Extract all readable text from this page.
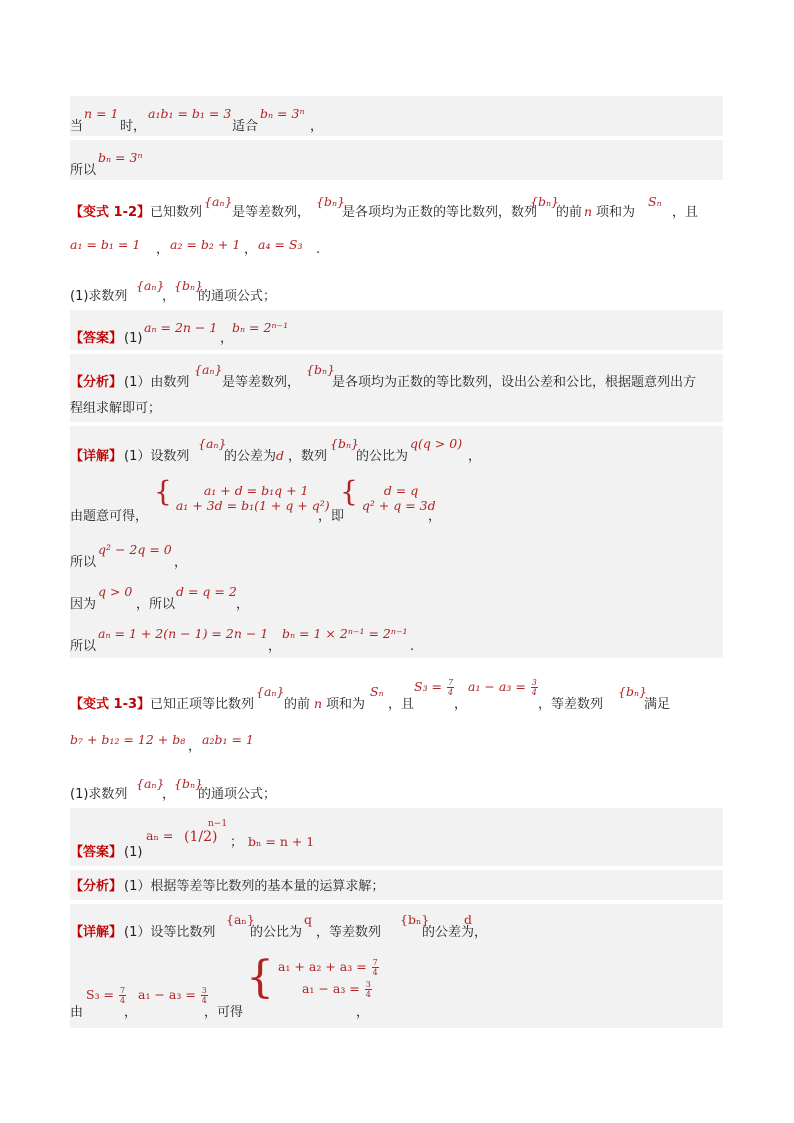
当
n = 1
时，
a₁b₁ = b₁ = 3
适合
bₙ = 3ⁿ
，
所以
bₙ = 3ⁿ
【变式 1-2】 已知数列
{aₙ}
是等差数列，
{bₙ}
是各项均为正数的等比数列，数列
{bₙ}
的前 n 项和为
Sₙ
，且
a₁ = b₁ = 1 ， a₂ = b₂ + 1 ， a₄ = S₃ .
(1)求数列
{aₙ}
，
{bₙ}
的通项公式；
【答案】 (1)
aₙ = 2n − 1
，
bₙ = 2ⁿ⁻¹
【分析】 (1）由数列
{aₙ}
是等差数列，
{bₙ}
是各项均为正数的等比数列，设出公差和公比，根据题意列出方
程组求解即可；
【详解】 (1）设数列
{aₙ}
的公差为 d ，数列
{bₙ}
的公比为
q(q > 0)
，
由题意可得，
{	a₁ + d = b₁q + 1
a₁ + 3d = b₁(1 + q + q²)
，即
{	d = q
q² + q = 3d
，
所以
q² − 2q = 0
，
因为
q > 0
，所以
d = q = 2
，
所以
aₙ = 1 + 2(n − 1) = 2n − 1
，
bₙ = 1 × 2ⁿ⁻¹ = 2ⁿ⁻¹
.
【变式 1-3】 已知正项等比数列
{aₙ}
的前 n 项和为
Sₙ
，且
$S_3 = \frac{7}{4}$
，
$a_1 - a_3 = \frac{3}{4}$
，等差数列
{bₙ}
满足
b₇ + b₁₂ = 12 + b₈ ， a₂b₁ = 1
(1)求数列
{aₙ}
，
{bₙ}
的通项公式；
【答案】 (1)
aₙ = (1/2)
n−1
； bₙ = n + 1
【分析】 (1）根据等差等比数列的基本量的运算求解；
【详解】 (1）设等比数列
{aₙ}
的公比为
q
，等差数列
{bₙ}
的公差为
d
，
由
$S_3 = \frac{7}{4}$
，
$a_1 - a_3 = \frac{3}{4}$
，可得
{ $a_1 + a_2 + a_3 = \frac{7}{4}$
$a_1 - a_3 = \frac{3}{4}$
，
